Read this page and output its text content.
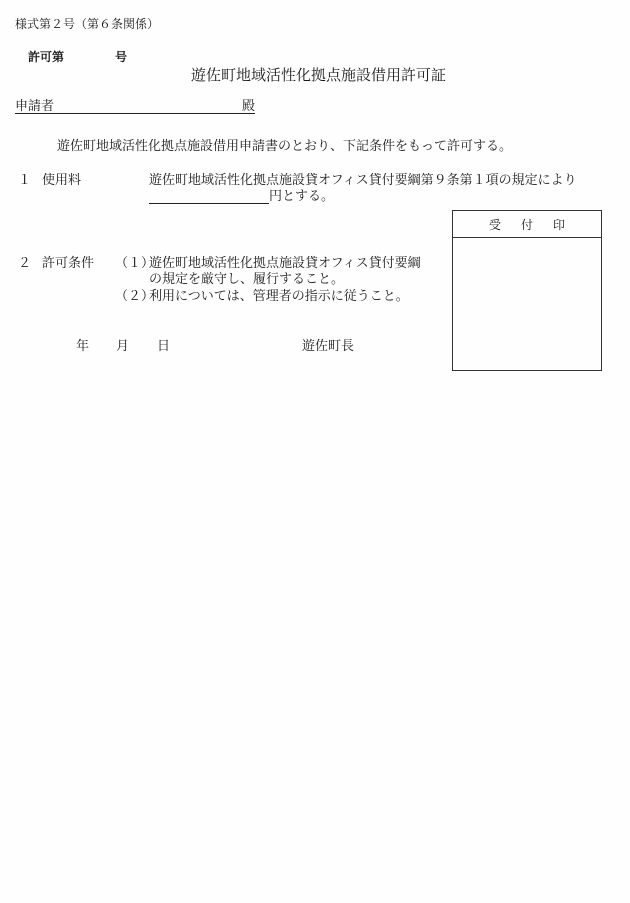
様式第２号（第６条関係）
許可第	号
遊佐町地域活性化拠点施設借用許可証
申請者	殿
遊佐町地域活性化拠点施設借用申請書のとおり、下記条件をもって許可する。
１ 使用料	遊佐町地域活性化拠点施設貸オフィス貸付要綱第９条第１項の規定により
円とする。
２ 許可条件 （１）
遊佐町地域活性化拠点施設貸オフィス貸付要綱
の規定を厳守し、履行すること。
（２）
利用については、管理者の指示に従うこと。
年 月 日	遊佐町長
受 付 印
